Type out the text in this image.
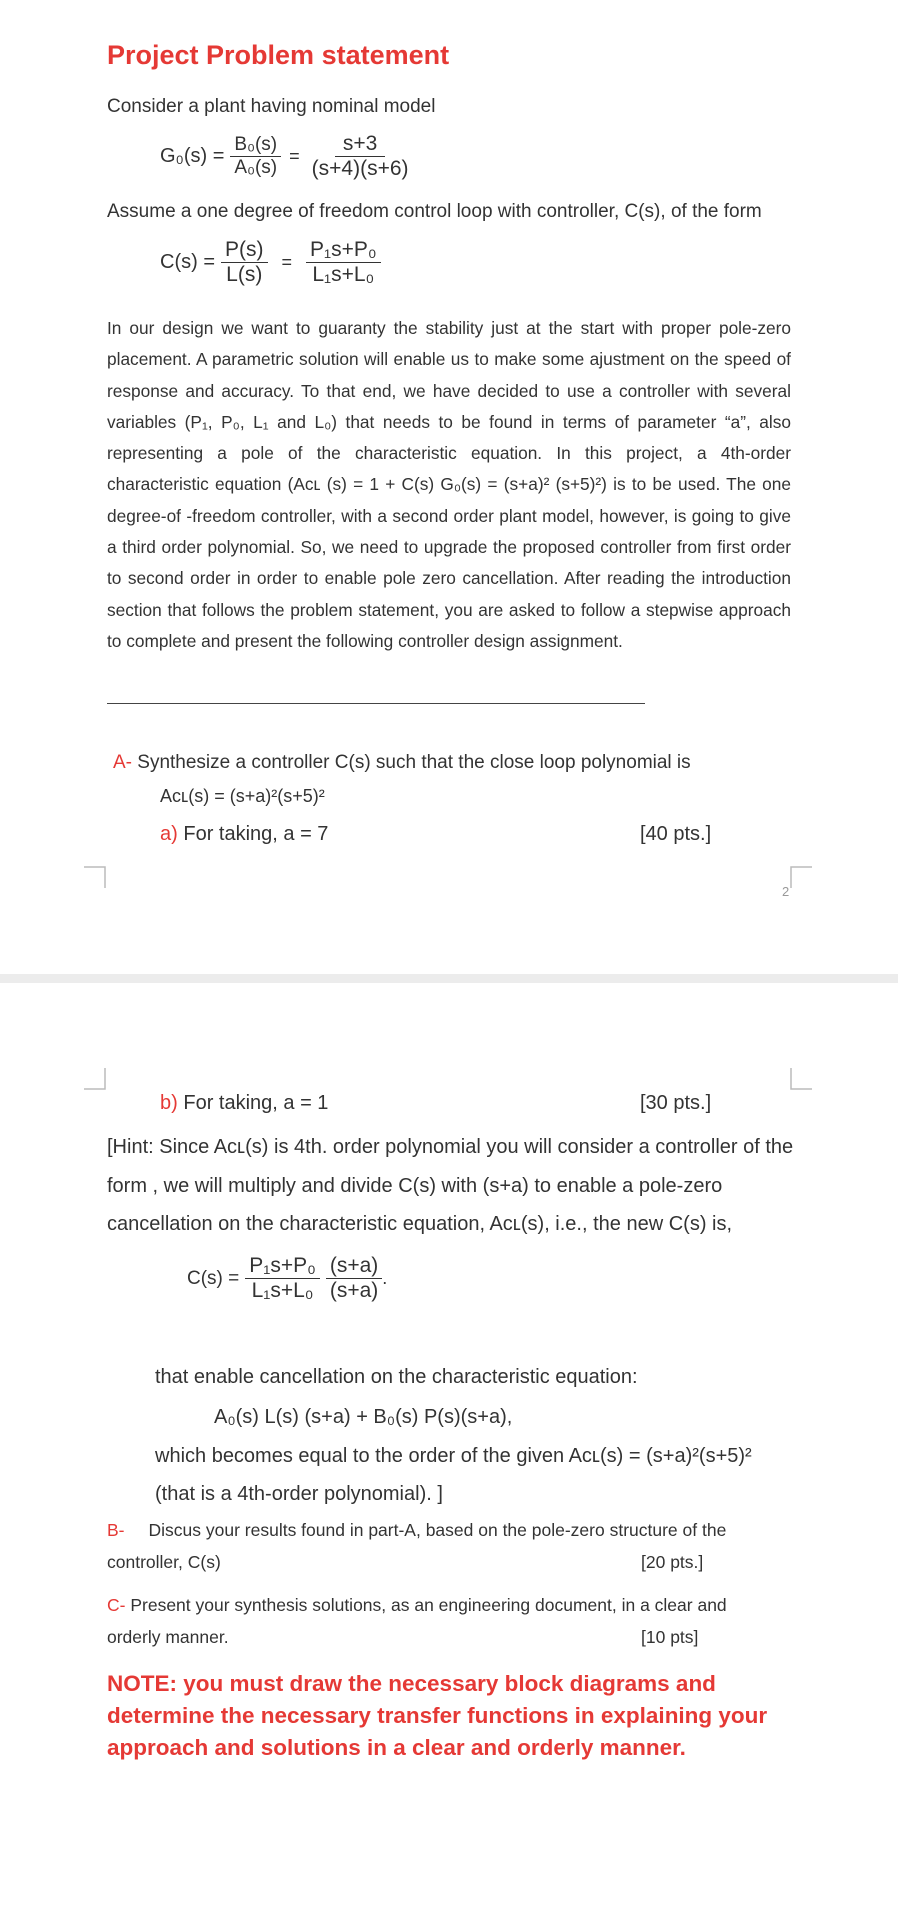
Project Problem statement
Consider a plant having nominal model
$G_0(s) = \frac{\text{B₀(s)}}{\text{A₀(s)}} = \frac{s+3}{(s+4)(s+6)}$
Assume a one degree of freedom control loop with controller, C(s), of the form
$C(s) = \frac{P(s)}{L(s)} = \frac{\text{P₁s+P₀}}{\text{L₁s+L₀}}$
In our design we want to guaranty the stability just at the start with proper pole-zero placement. A parametric solution will enable us to make some ajustment on the speed of response and accuracy. To that end, we have decided to use a controller with several variables (P₁, P₀, L₁ and L₀) that needs to be found in terms of parameter “a”, also representing a pole of the characteristic equation. In this project, a 4th-order characteristic equation (Aᴄʟ (s) = 1 + C(s) G₀(s) = (s+a)² (s+5)²) is to be used. The one degree-of -freedom controller, with a second order plant model, however, is going to give a third order polynomial. So, we need to upgrade the proposed controller from first order to second order in order to enable pole zero cancellation. After reading the introduction section that follows the problem statement, you are asked to follow a stepwise approach to complete and present the following controller design assignment.
A- Synthesize a controller C(s) such that the close loop polynomial is
Aᴄʟ(s) = (s+a)²(s+5)²
a) For taking, a = 7	[40 pts.]
2
b) For taking, a = 1	[30 pts.]
[Hint: Since Aᴄʟ(s) is 4th. order polynomial you will consider a controller of the form , we will multiply and divide C(s) with (s+a) to enable a pole-zero cancellation on the characteristic equation, Aᴄʟ(s), i.e., the new C(s) is,
$C(s) = \frac{\text{P₁s+P₀}}{\text{L₁s+L₀}} \frac{(s+a)}{(s+a)}$ .
that enable cancellation on the characteristic equation:
A₀(s) L(s) (s+a) + B₀(s) P(s)(s+a),
which becomes equal to the order of the given Aᴄʟ(s) = (s+a)²(s+5)²
(that is a 4th-order polynomial). ]
B- Discus your results found in part-A, based on the pole-zero structure of the
controller, C(s)	[20 pts.]
C- Present your synthesis solutions, as an engineering document, in a clear and
orderly manner.	[10 pts]
NOTE: you must draw the necessary block diagrams and determine the necessary transfer functions in explaining your approach and solutions in a clear and orderly manner.
